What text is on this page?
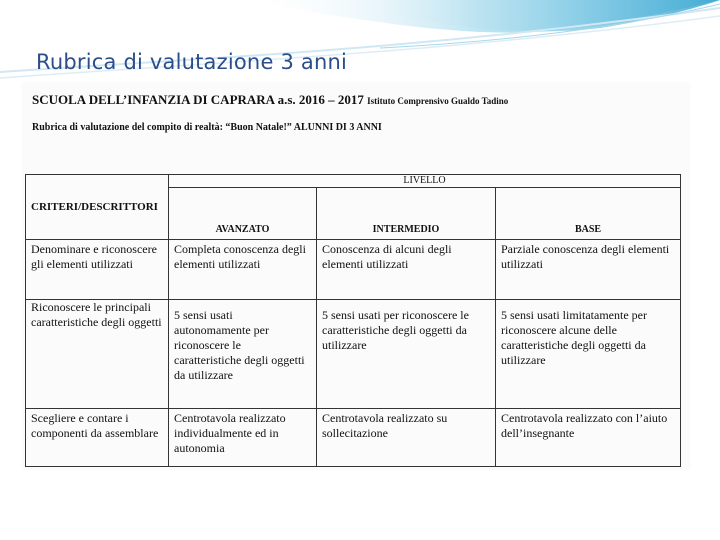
Rubrica di valutazione 3 anni
SCUOLA DELL’INFANZIA DI CAPRARA a.s. 2016 – 2017 Istituto Comprensivo Gualdo Tadino
Rubrica di valutazione del compito di realtà: “Buon Natale!” ALUNNI DI 3 ANNI
	LIVELLO		
CRITERI/DESCRITTORI	AVANZATO	INTERMEDIO	BASE
Denominare e riconoscere gli elementi utilizzati	Completa conoscenza degli elementi utilizzati	Conoscenza di alcuni degli elementi utilizzati	Parziale conoscenza degli elementi utilizzati
Riconoscere le principali caratteristiche degli oggetti	5 sensi usati autonomamente per riconoscere le caratteristiche degli oggetti da utilizzare	5 sensi usati per riconoscere le caratteristiche degli oggetti da utilizzare	5 sensi usati limitatamente per riconoscere alcune delle caratteristiche degli oggetti da utilizzare
Scegliere e contare i componenti da assemblare	Centrotavola realizzato individualmente ed in autonomia	Centrotavola realizzato su sollecitazione	Centrotavola realizzato con l’aiuto dell’insegnante
